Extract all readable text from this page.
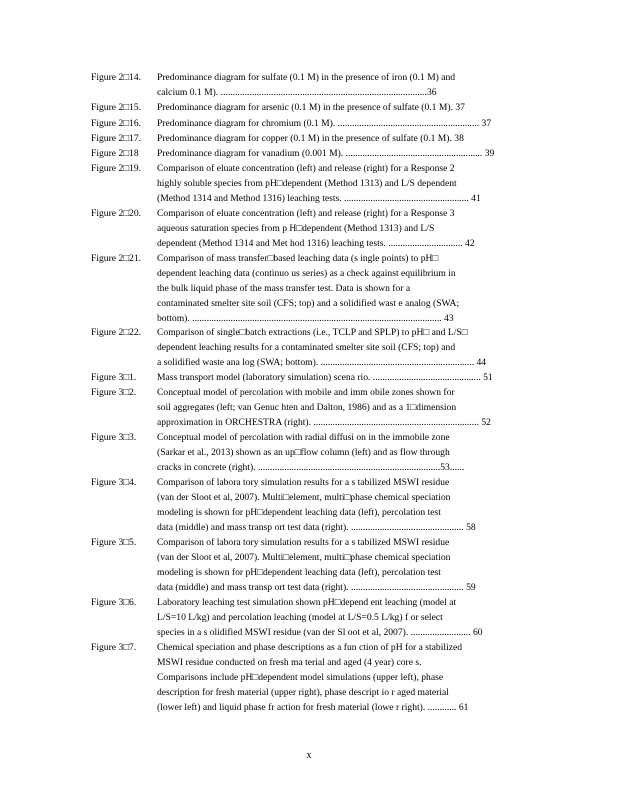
Figure 2□14. Predominance diagram for sulfate (0.1 M) in the presence of iron (0.1 M) and
calcium 0.1 M). ......................................................................................36
Figure 2□15. Predominance diagram for arsenic (0.1 M) in the presence of sulfate (0.1 M). 37
Figure 2□16. Predominance diagram for chromium (0.1 M). ........................................................... 37
Figure 2□17. Predominance diagram for copper (0.1 M) in the presence of sulfate (0.1 M). 38
Figure 2□18 Predominance diagram for vanadium (0.001 M). ......................................................... 39
Figure 2□19. Comparison of eluate concentration (left) and release (right) for a Response 2
highly soluble species from pH□dependent (Method 1313) and L/S dependent
(Method 1314 and Method 1316) leaching tests. .................................................... 41
Figure 2□20. Comparison of eluate concentration (left) and release (right) for a Response 3
aqueous saturation species from p H□dependent (Method 1313) and L/S
dependent (Method 1314 and Met hod 1316) leaching tests. ............................... 42
Figure 2□21. Comparison of mass transfer□based leaching data (s ingle points) to pH□
dependent leaching data (continuo us series) as a check against equilibrium in
the bulk liquid phase of the mass transfer test. Data is shown for a
contaminated smelter site soil (CFS; top) and a solidified wast e analog (SWA;
bottom). ........................................................................................................ 43
Figure 2□22. Comparison of single□batch extractions (i.e., TCLP and SPLP) to pH□ and L/S□
dependent leaching results for a contaminated smelter site soil (CFS; top) and
a solidified waste ana log (SWA; bottom). ................................................................ 44
Figure 3□1. Mass transport model (laboratory simulation) scena rio. ............................................. 51
Figure 3□2. Conceptual model of percolation with mobile and imm obile zones shown for
soil aggregates (left; van Genuc hten and Dalton, 1986) and as a 1□dimension
approximation in ORCHESTRA (right). ..................................................................... 52
Figure 3□3. Conceptual model of percolation with radial diffusi on in the immobile zone
(Sarkar et al., 2013) shown as an up□flow column (left) and as flow through
cracks in concrete (right). ............................................................................53......
Figure 3□4. Comparison of labora tory simulation results for a s tabilized MSWI residue
(van der Sloot et al, 2007). Multi□element, multi□phase chemical speciation
modeling is shown for pH□dependent leaching data (left), percolation test
data (middle) and mass transp ort test data (right). ............................................... 58
Figure 3□5. Comparison of labora tory simulation results for a s tabilized MSWI residue
(van der Sloot et al, 2007). Multi□element, multi□phase chemical speciation
modeling is shown for pH□dependent leaching data (left), percolation test
data (middle) and mass transp ort test data (right). ............................................... 59
Figure 3□6. Laboratory leaching test simulation shown pH□depend ent leaching (model at
L/S=10 L/kg) and percolation leaching (model at L/S=0.5 L/kg) f or select
species in a s olidified MSWI residue (van der Sl oot et al, 2007). ......................... 60
Figure 3□7. Chemical speciation and phase descriptions as a fun ction of pH for a stabilized
MSWI residue conducted on fresh ma terial and aged (4 year) core s.
Comparisons include pH□dependent model simulations (upper left), phase
description for fresh material (upper right), phase descript io r aged material
(lower left) and liquid phase fr action for fresh material (lowe r right). ............ 61
x
